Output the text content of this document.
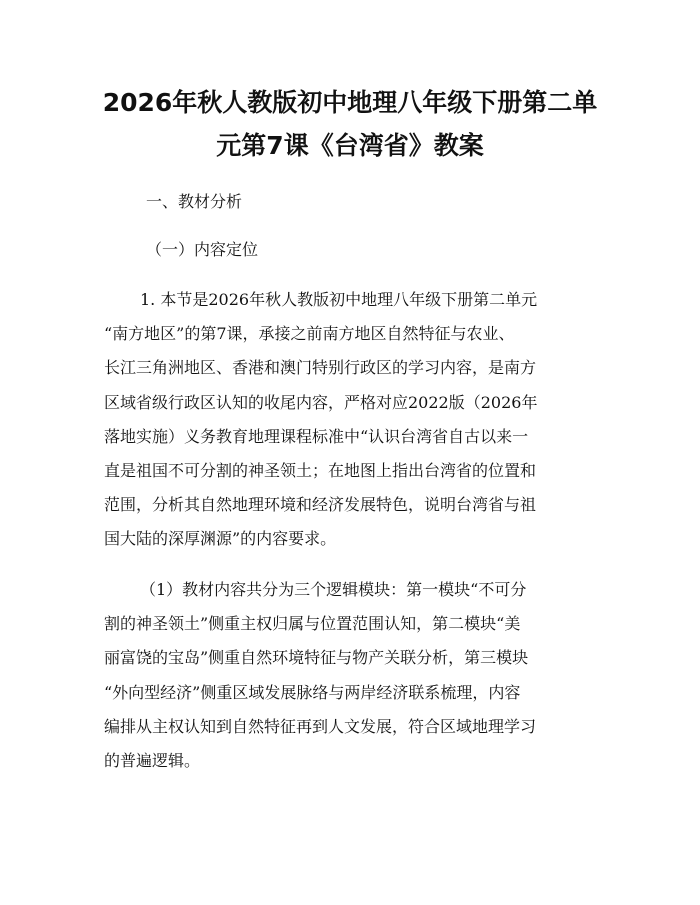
2026年秋人教版初中地理八年级下册第二单
元第7课《台湾省》教案
一、教材分析
（一）内容定位
1. 本节是2026年秋人教版初中地理八年级下册第二单元
“南方地区”的第7课，承接之前南方地区自然特征与农业、
长江三角洲地区、香港和澳门特别行政区的学习内容，是南方
区域省级行政区认知的收尾内容，严格对应2022版（2026年
落地实施）义务教育地理课程标准中“认识台湾省自古以来一
直是祖国不可分割的神圣领土；在地图上指出台湾省的位置和
范围，分析其自然地理环境和经济发展特色，说明台湾省与祖
国大陆的深厚渊源”的内容要求。
（1）教材内容共分为三个逻辑模块：第一模块“不可分
割的神圣领土”侧重主权归属与位置范围认知，第二模块“美
丽富饶的宝岛”侧重自然环境特征与物产关联分析，第三模块
“外向型经济”侧重区域发展脉络与两岸经济联系梳理，内容
编排从主权认知到自然特征再到人文发展，符合区域地理学习
的普遍逻辑。
